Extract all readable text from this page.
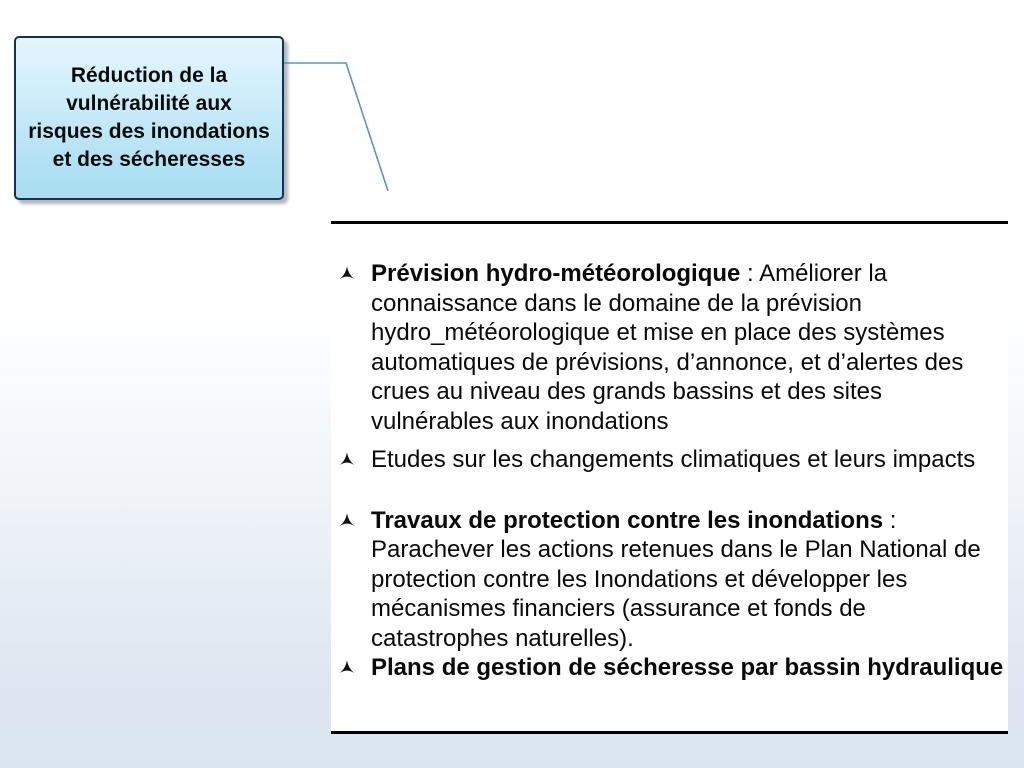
Réduction de la vulnérabilité aux risques des inondations et des sécheresses

Prévision hydro-météorologique : Améliorer la connaissance dans le domaine de la prévision hydro_météorologique et mise en place des systèmes automatiques de prévisions, d’annonce, et d’alertes des crues au niveau des grands bassins et des sites vulnérables aux inondations

Etudes sur les changements climatiques et leurs impacts

Travaux de protection contre les inondations : Parachever les actions retenues dans le Plan National de protection contre les Inondations et développer les mécanismes financiers (assurance et fonds de catastrophes naturelles).

Plans de gestion de sécheresse par bassin hydraulique
